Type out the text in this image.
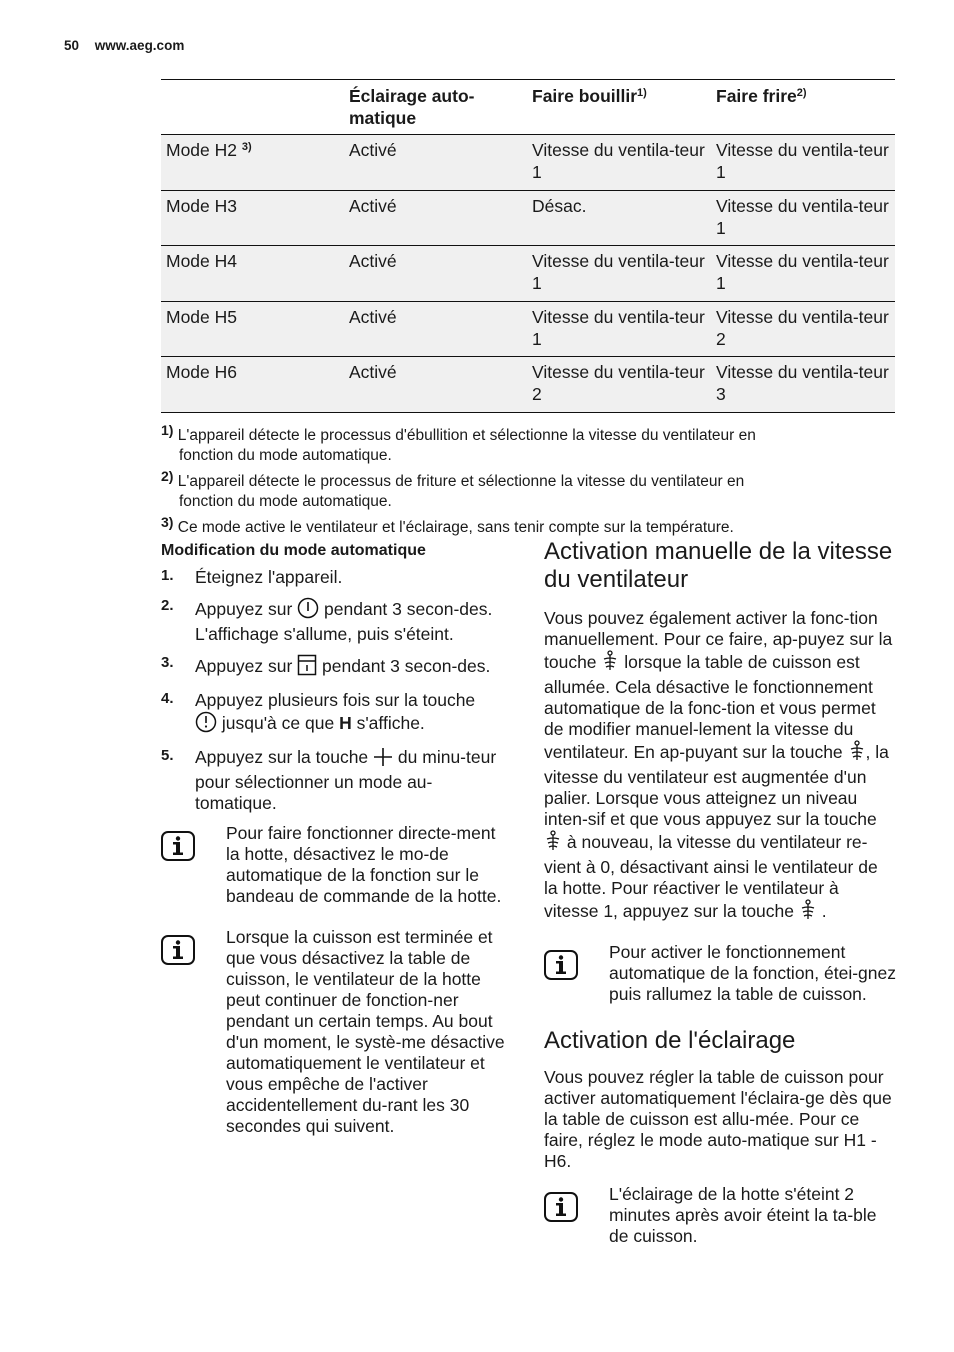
50 www.aeg.com
	Éclairage auto-matique	Faire bouillir$^{1)}$	Faire frire$^{2)}$
Mode H2 $^{3)}$	Activé	Vitesse du ventila-teur 1	Vitesse du ventila-teur 1
Mode H3	Activé	Désac.	Vitesse du ventila-teur 1
Mode H4	Activé	Vitesse du ventila-teur 1	Vitesse du ventila-teur 1
Mode H5	Activé	Vitesse du ventila-teur 1	Vitesse du ventila-teur 2
Mode H6	Activé	Vitesse du ventila-teur 2	Vitesse du ventila-teur 3
1) L'appareil détecte le processus d'ébullition et sélectionne la vitesse du ventilateur en
fonction du mode automatique.
2) L'appareil détecte le processus de friture et sélectionne la vitesse du ventilateur en
fonction du mode automatique.
3) Ce mode active le ventilateur et l'éclairage, sans tenir compte sur la température.
Modification du mode automatique
1. Éteignez l'appareil.
2. Appuyez sur pendant 3 secon-des. L'affichage s'allume, puis s'éteint.
3. Appuyez sur pendant 3 secon-des.
4. Appuyez plusieurs fois sur la touche
jusqu'à ce que H s'affiche.
5. Appuyez sur la touche du minu-teur pour sélectionner un mode au-tomatique.
Pour faire fonctionner directe-ment la hotte, désactivez le mo-de automatique de la fonction sur le bandeau de commande de la hotte.
Lorsque la cuisson est terminée et que vous désactivez la table de cuisson, le ventilateur de la hotte peut continuer de fonction-ner pendant un certain temps. Au bout d'un moment, le systè-me désactive automatiquement le ventilateur et vous empêche de l'activer accidentellement du-rant les 30 secondes qui suivent.
Activation manuelle de la vitesse du ventilateur
Vous pouvez également activer la fonc-tion manuellement. Pour ce faire, ap-puyez sur la touche lorsque la table de cuisson est allumée. Cela désactive le fonctionnement automatique de la fonc-tion et vous permet de modifier manuel-lement la vitesse du ventilateur. En ap-puyant sur la touche , la vitesse du ventilateur est augmentée d'un palier. Lorsque vous atteignez un niveau inten-sif et que vous appuyez sur la touche  à nouveau, la vitesse du ventilateur re-vient à 0, désactivant ainsi le ventilateur de la hotte. Pour réactiver le ventilateur à vitesse 1, appuyez sur la touche .
Pour activer le fonctionnement automatique de la fonction, étei-gnez puis rallumez la table de cuisson.
Activation de l'éclairage
Vous pouvez régler la table de cuisson pour activer automatiquement l'éclaira-ge dès que la table de cuisson est allu-mée. Pour ce faire, réglez le mode auto-matique sur H1 - H6.
L'éclairage de la hotte s'éteint 2 minutes après avoir éteint la ta-ble de cuisson.
